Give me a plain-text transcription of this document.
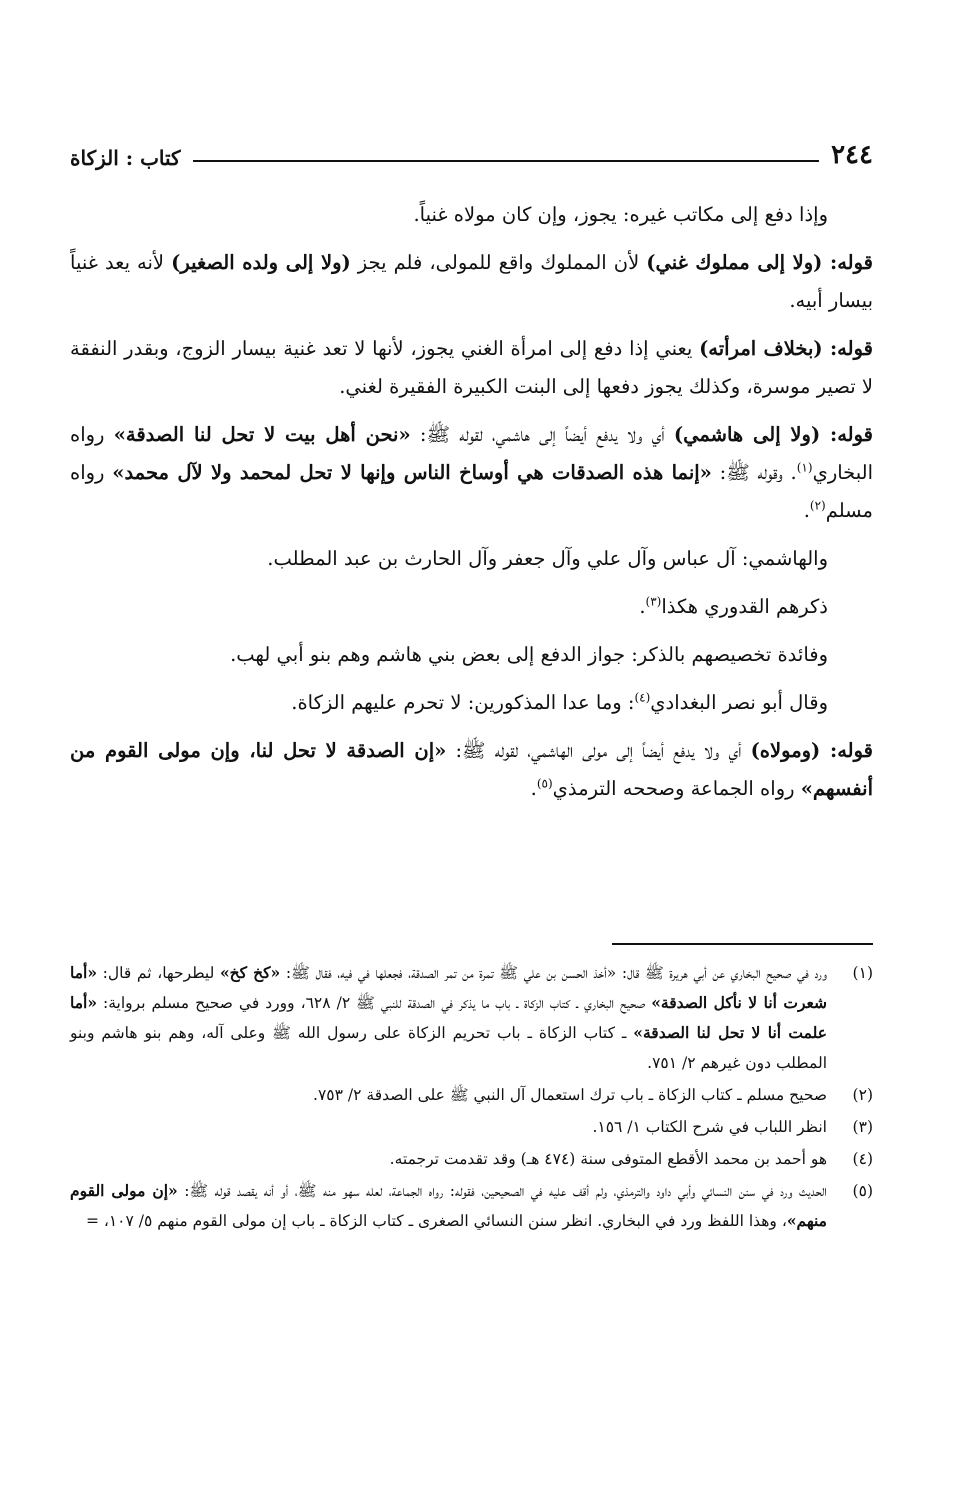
٢٤٤
كتاب : الزكاة

وإذا دفع إلى مكاتب غيره: يجوز، وإن كان مولاه غنياً.

قوله: (ولا إلى مملوك غني) لأن المملوك واقع للمولى، فلم يجز (ولا إلى ولده الصغير) لأنه يعد غنياً بيسار أبيه.

قوله: (بخلاف امرأته) يعني إذا دفع إلى امرأة الغني يجوز، لأنها لا تعد غنية بيسار الزوج، وبقدر النفقة لا تصير موسرة، وكذلك يجوز دفعها إلى البنت الكبيرة الفقيرة لغني.

قوله: (ولا إلى هاشمي) أي ولا يدفع أيضاً إلى هاشمي، لقوله ﷺ: «نحن أهل بيت لا تحل لنا الصدقة» رواه البخاري$^{(١)}$. وقوله ﷺ: «إنما هذه الصدقات هي أوساخ الناس وإنها لا تحل لمحمد ولا لآل محمد» رواه مسلم$^{(٢)}$.

والهاشمي: آل عباس وآل علي وآل جعفر وآل الحارث بن عبد المطلب.

ذكرهم القدوري هكذا$^{(٣)}$.

وفائدة تخصيصهم بالذكر: جواز الدفع إلى بعض بني هاشم وهم بنو أبي لهب.

وقال أبو نصر البغدادي$^{(٤)}$: وما عدا المذكورين: لا تحرم عليهم الزكاة.

قوله: (ومولاه) أي ولا يدفع أيضاً إلى مولى الهاشمي، لقوله ﷺ: «إن الصدقة لا تحل لنا، وإن مولى القوم من أنفسهم» رواه الجماعة وصححه الترمذي$^{(٥)}$.

(١)
ورد في صحيح البخاري عن أبي هريرة ﷺ قال: «أخذ الحسن بن علي ﷺ تمرة من تمر الصدقة، فجعلها في فيه، فقال ﷺ: «كخ كخ» ليطرحها، ثم قال: «أما شعرت أنا لا نأكل الصدقة» صحيح البخاري ـ كتاب الزكاة ـ باب ما يذكر في الصدقة للنبي ﷺ ٢/ ٦٢٨، وورد في صحيح مسلم برواية: «أما علمت أنا لا تحل لنا الصدقة» ـ كتاب الزكاة ـ باب تحريم الزكاة على رسول الله ﷺ وعلى آله، وهم بنو هاشم وبنو المطلب دون غيرهم ٢/ ٧٥١.
(٢)
صحيح مسلم ـ كتاب الزكاة ـ باب ترك استعمال آل النبي ﷺ على الصدقة ٢/ ٧٥٣.
(٣)
انظر اللباب في شرح الكتاب ١/ ١٥٦.
(٤)
هو أحمد بن محمد الأقطع المتوفى سنة (٤٧٤ هـ) وقد تقدمت ترجمته.
(٥)
الحديث ورد في سنن النسائي وأبي داود والترمذي، ولم أقف عليه في الصحيحين، فقوله: رواه الجماعة، لعله سهو منه ﷺ، أو أنه يقصد قوله ﷺ: «إن مولى القوم منهم»، وهذا اللفظ ورد في البخاري. انظر سنن النسائي الصغرى ـ كتاب الزكاة ـ باب إن مولى القوم منهم ٥/ ١٠٧، =
